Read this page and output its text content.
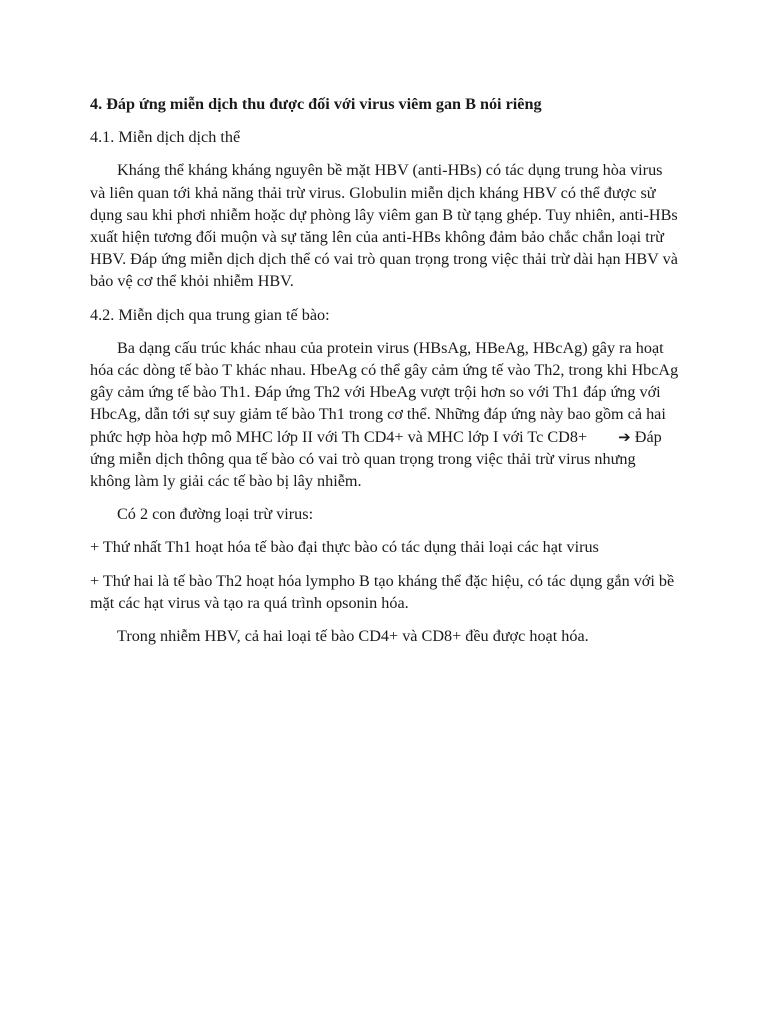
4. Đáp ứng miễn dịch thu được đối với virus viêm gan B nói riêng

4.1. Miễn dịch dịch thể

Kháng thể kháng kháng nguyên bề mặt HBV (anti-HBs) có tác dụng trung hòa virus và liên quan tới khả năng thải trừ virus. Globulin miễn dịch kháng HBV có thể được sử dụng sau khi phơi nhiễm hoặc dự phòng lây viêm gan B từ tạng ghép. Tuy nhiên, anti-HBs xuất hiện tương đối muộn và sự tăng lên của anti-HBs không đảm bảo chắc chắn loại trừ HBV. Đáp ứng miễn dịch dịch thể có vai trò quan trọng trong việc thải trừ dài hạn HBV và bảo vệ cơ thể khỏi nhiễm HBV.

4.2. Miễn dịch qua trung gian tế bào:

Ba dạng cấu trúc khác nhau của protein virus (HBsAg, HBeAg, HBcAg) gây ra hoạt hóa các dòng tế bào T khác nhau. HbeAg có thể gây cảm ứng tế vào Th2, trong khi HbcAg gây cảm ứng tế bào Th1. Đáp ứng Th2 với HbeAg vượt trội hơn so với Th1 đáp ứng với HbcAg, dẫn tới sự suy giảm tế bào Th1 trong cơ thể. Những đáp ứng này bao gồm cả hai phức hợp hòa hợp mô MHC lớp II với Th CD4+ và MHC lớp I với Tc CD8+ ➔ Đáp ứng miễn dịch thông qua tế bào có vai trò quan trọng trong việc thải trừ virus nhưng không làm ly giải các tế bào bị lây nhiễm.

Có 2 con đường loại trừ virus:

+ Thứ nhất Th1 hoạt hóa tế bào đại thực bào có tác dụng thải loại các hạt virus

+ Thứ hai là tế bào Th2 hoạt hóa lympho B tạo kháng thể đặc hiệu, có tác dụng gắn với bề mặt các hạt virus và tạo ra quá trình opsonin hóa.

Trong nhiễm HBV, cả hai loại tế bào CD4+ và CD8+ đều được hoạt hóa.
